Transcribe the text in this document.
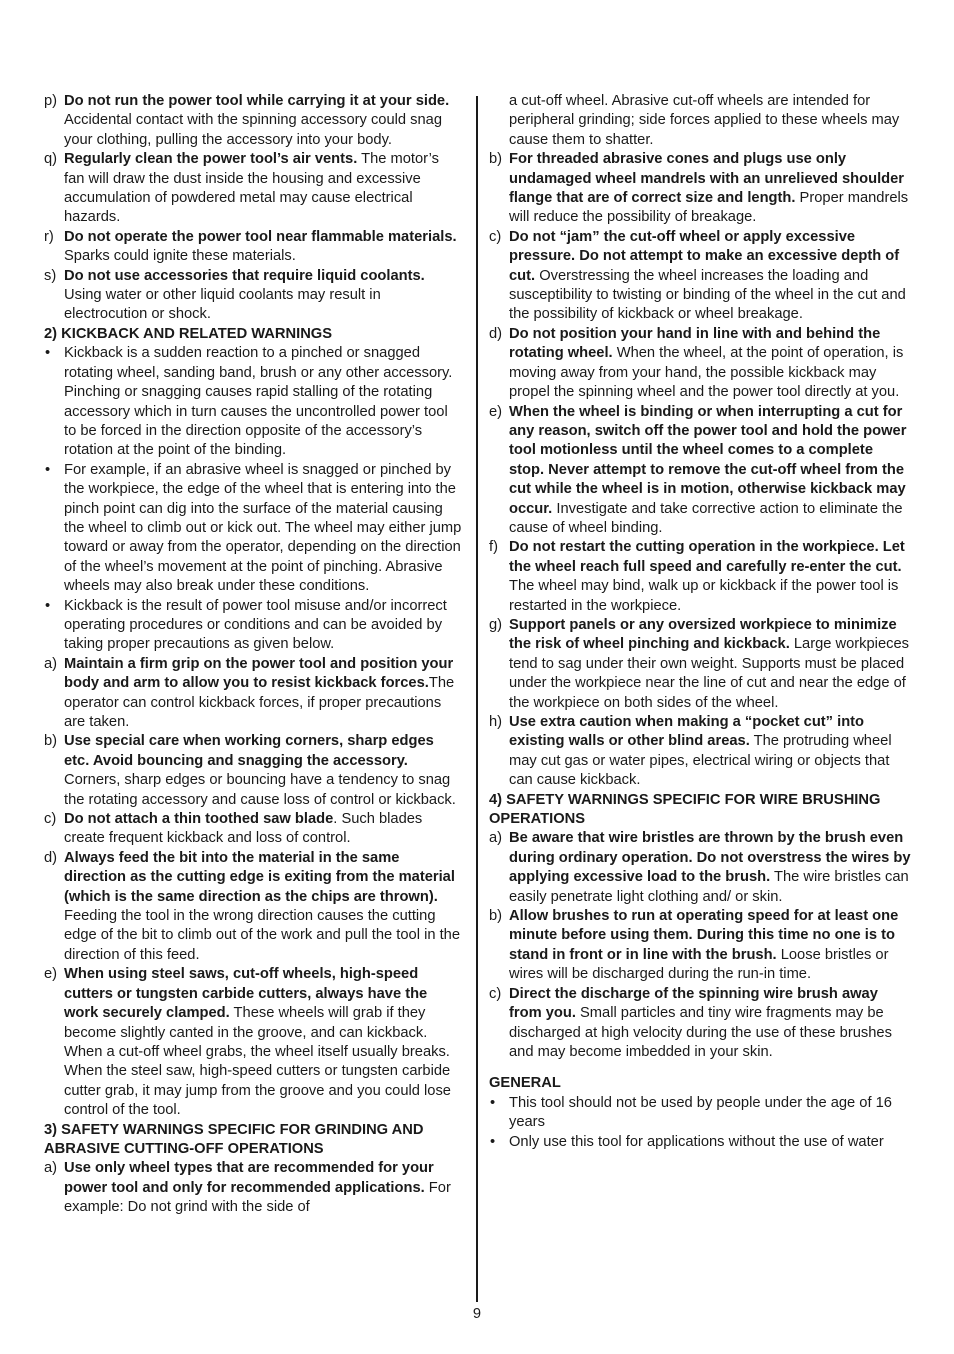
p) Do not run the power tool while carrying it at your side. Accidental contact with the spinning accessory could snag your clothing, pulling the accessory into your body.
q) Regularly clean the power tool’s air vents. The motor’s fan will draw the dust inside the housing and excessive accumulation of powdered metal may cause electrical hazards.
r) Do not operate the power tool near flammable materials. Sparks could ignite these materials.
s) Do not use accessories that require liquid coolants. Using water or other liquid coolants may result in electrocution or shock.
2) KICKBACK AND RELATED WARNINGS
• Kickback is a sudden reaction to a pinched or snagged rotating wheel, sanding band, brush or any other accessory. Pinching or snagging causes rapid stalling of the rotating accessory which in turn causes the uncontrolled power tool to be forced in the direction opposite of the accessory’s rotation at the point of the binding.
• For example, if an abrasive wheel is snagged or pinched by the workpiece, the edge of the wheel that is entering into the pinch point can dig into the surface of the material causing the wheel to climb out or kick out. The wheel may either jump toward or away from the operator, depending on the direction of the wheel’s movement at the point of pinching. Abrasive wheels may also break under these conditions.
• Kickback is the result of power tool misuse and/or incorrect operating procedures or conditions and can be avoided by taking proper precautions as given below.
a) Maintain a firm grip on the power tool and position your body and arm to allow you to resist kickback forces.The operator can control kickback forces, if proper precautions are taken.
b) Use special care when working corners, sharp edges etc. Avoid bouncing and snagging the accessory. Corners, sharp edges or bouncing have a tendency to snag the rotating accessory and cause loss of control or kickback.
c) Do not attach a thin toothed saw blade. Such blades create frequent kickback and loss of control.
d) Always feed the bit into the material in the same direction as the cutting edge is exiting from the material (which is the same direction as the chips are thrown). Feeding the tool in the wrong direction causes the cutting edge of the bit to climb out of the work and pull the tool in the direction of this feed.
e) When using steel saws, cut-off wheels, high-speed cutters or tungsten carbide cutters, always have the work securely clamped. These wheels will grab if they become slightly canted in the groove, and can kickback. When a cut-off wheel grabs, the wheel itself usually breaks. When the steel saw, high-speed cutters or tungsten carbide cutter grab, it may jump from the groove and you could lose control of the tool.
3) SAFETY WARNINGS SPECIFIC FOR GRINDING AND ABRASIVE CUTTING-OFF OPERATIONS
a) Use only wheel types that are recommended for your power tool and only for recommended applications. For example: Do not grind with the side of
a cut-off wheel. Abrasive cut-off wheels are intended for peripheral grinding; side forces applied to these wheels may cause them to shatter.
b) For threaded abrasive cones and plugs use only undamaged wheel mandrels with an unrelieved shoulder flange that are of correct size and length. Proper mandrels will reduce the possibility of breakage.
c) Do not “jam” the cut-off wheel or apply excessive pressure. Do not attempt to make an excessive depth of cut. Overstressing the wheel increases the loading and susceptibility to twisting or binding of the wheel in the cut and the possibility of kickback or wheel breakage.
d) Do not position your hand in line with and behind the rotating wheel. When the wheel, at the point of operation, is moving away from your hand, the possible kickback may propel the spinning wheel and the power tool directly at you.
e) When the wheel is binding or when interrupting a cut for any reason, switch off the power tool and hold the power tool motionless until the wheel comes to a complete stop. Never attempt to remove the cut-off wheel from the cut while the wheel is in motion, otherwise kickback may occur. Investigate and take corrective action to eliminate the cause of wheel binding.
f) Do not restart the cutting operation in the workpiece. Let the wheel reach full speed and carefully re-enter the cut. The wheel may bind, walk up or kickback if the power tool is restarted in the workpiece.
g) Support panels or any oversized workpiece to minimize the risk of wheel pinching and kickback. Large workpieces tend to sag under their own weight. Supports must be placed under the workpiece near the line of cut and near the edge of the workpiece on both sides of the wheel.
h) Use extra caution when making a “pocket cut” into existing walls or other blind areas. The protruding wheel may cut gas or water pipes, electrical wiring or objects that can cause kickback.
4) SAFETY WARNINGS SPECIFIC FOR WIRE BRUSHING OPERATIONS
a) Be aware that wire bristles are thrown by the brush even during ordinary operation. Do not overstress the wires by applying excessive load to the brush. The wire bristles can easily penetrate light clothing and/ or skin.
b) Allow brushes to run at operating speed for at least one minute before using them. During this time no one is to stand in front or in line with the brush. Loose bristles or wires will be discharged during the run-in time.
c) Direct the discharge of the spinning wire brush away from you. Small particles and tiny wire fragments may be discharged at high velocity during the use of these brushes and may become imbedded in your skin.
GENERAL
• This tool should not be used by people under the age of 16 years
• Only use this tool for applications without the use of water
9
